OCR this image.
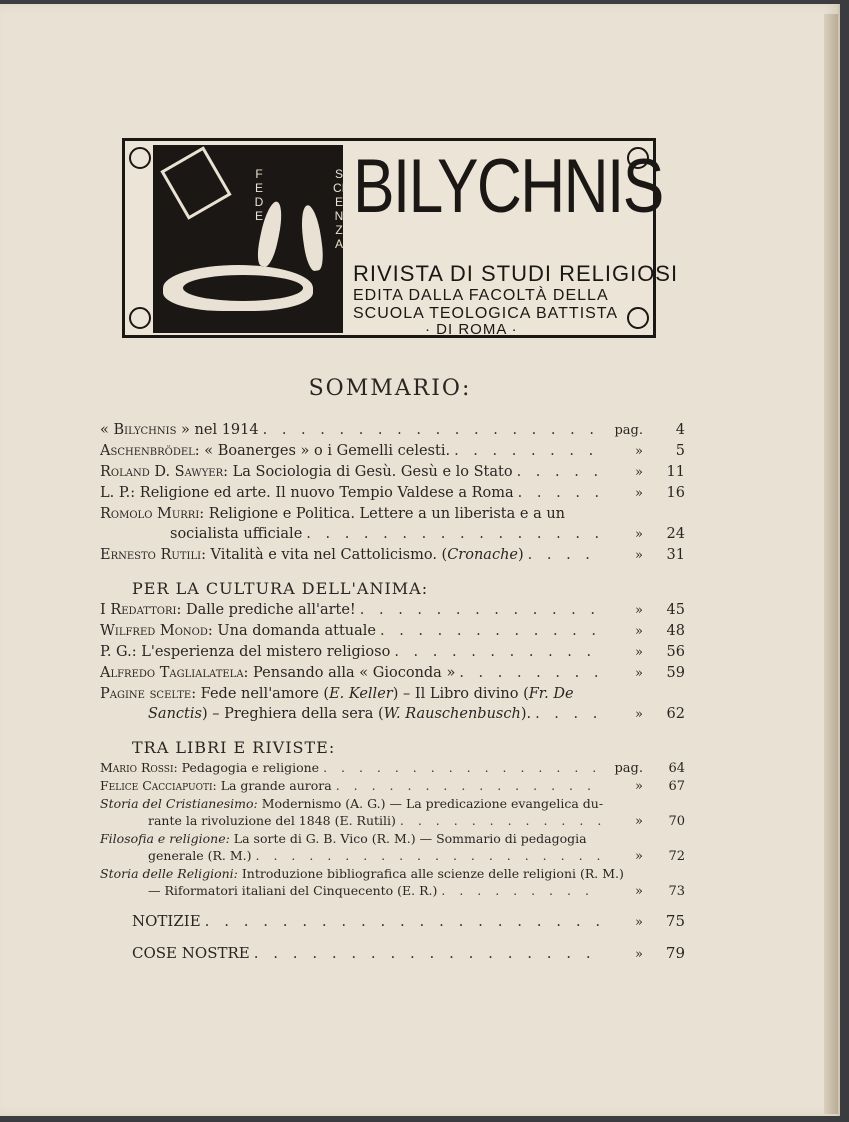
FEDE
SCIENZA
BILYCHNIS
RIVISTA DI STUDI RELIGIOSI
EDITA DALLA FACOLTÀ DELLA
SCUOLA TEOLOGICA BATTISTA
· DI ROMA ·
SOMMARIO:
« Bilychnis » nel 1914 . . .	pag.	4
Aschenbrödel: « Boanerges » o i Gemelli celesti. . . .	»	5
Roland D. Sawyer: La Sociologia di Gesù. Gesù e lo Stato . . .	»	11
L. P.: Religione ed arte. Il nuovo Tempio Valdese a Roma . . .	»	16
Romolo Murri: Religione e Politica. Lettere a un liberista e a un
socialista ufficiale . . .	»	24
Ernesto Rutili: Vitalità e vita nel Cattolicismo. (Cronache) . . .	»	31
PER LA CULTURA DELL'ANIMA:
I Redattori: Dalle prediche all'arte! . . .	»	45
Wilfred Monod: Una domanda attuale . . .	»	48
P. G.: L'esperienza del mistero religioso . . .	»	56
Alfredo Taglialatela: Pensando alla « Gioconda » . . .	»	59
Pagine scelte: Fede nell'amore (E. Keller) – Il Libro divino (Fr. De
Sanctis) – Preghiera della sera (W. Rauschenbusch). . . .	»	62
TRA LIBRI E RIVISTE:
Mario Rossi: Pedagogia e religione . . .	pag.	64
Felice Cacciapuoti: La grande aurora . . .	»	67
Storia del Cristianesimo: Modernismo (A. G.) — La predicazione evangelica du-
rante la rivoluzione del 1848 (E. Rutili) . . .	»	70
Filosofia e religione: La sorte di G. B. Vico (R. M.) — Sommario di pedagogia
generale (R. M.) . . .	»	72
Storia delle Religioni: Introduzione bibliografica alle scienze delle religioni (R. M.)
— Riformatori italiani del Cinquecento (E. R.) . . .	»	73
NOTIZIE . . .	»	75
COSE NOSTRE . . .	»	79
